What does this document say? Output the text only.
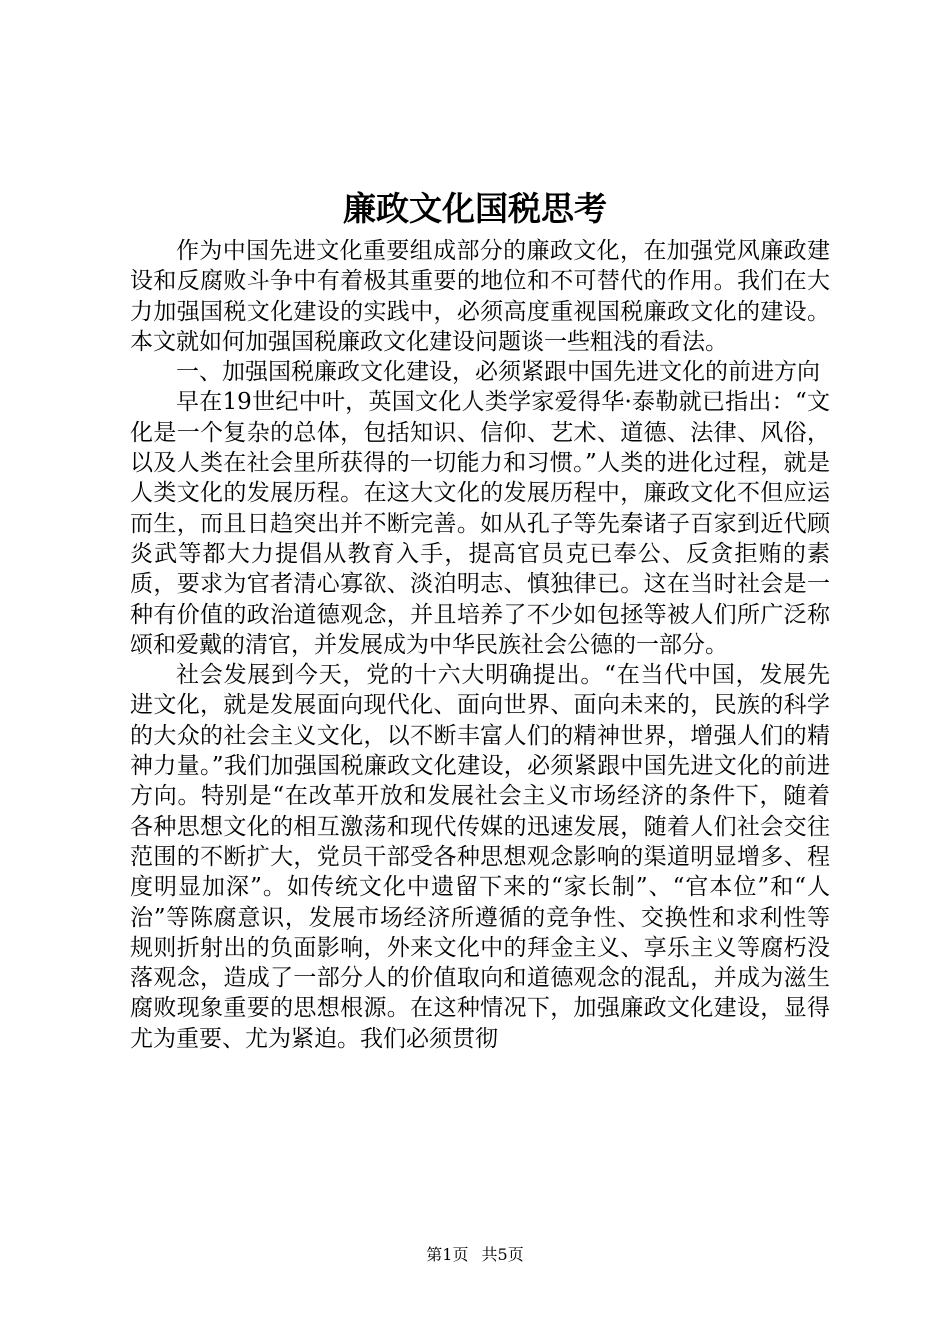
廉政文化国税思考

作为中国先进文化重要组成部分的廉政文化，在加强党风廉政建设和反腐败斗争中有着极其重要的地位和不可替代的作用。我们在大力加强国税文化建设的实践中，必须高度重视国税廉政文化的建设。本文就如何加强国税廉政文化建设问题谈一些粗浅的看法。

一、加强国税廉政文化建设，必须紧跟中国先进文化的前进方向

早在19世纪中叶，英国文化人类学家爱得华·泰勒就已指出：“文化是一个复杂的总体，包括知识、信仰、艺术、道德、法律、风俗，以及人类在社会里所获得的一切能力和习惯。”人类的进化过程，就是人类文化的发展历程。在这大文化的发展历程中，廉政文化不但应运而生，而且日趋突出并不断完善。如从孔子等先秦诸子百家到近代顾炎武等都大力提倡从教育入手，提高官员克已奉公、反贪拒贿的素质，要求为官者清心寡欲、淡泊明志、慎独律已。这在当时社会是一种有价值的政治道德观念，并且培养了不少如包拯等被人们所广泛称颂和爱戴的清官，并发展成为中华民族社会公德的一部分。

社会发展到今天，党的十六大明确提出。“在当代中国，发展先进文化，就是发展面向现代化、面向世界、面向未来的，民族的科学的大众的社会主义文化，以不断丰富人们的精神世界，增强人们的精神力量。”我们加强国税廉政文化建设，必须紧跟中国先进文化的前进方向。特别是“在改革开放和发展社会主义市场经济的条件下，随着各种思想文化的相互激荡和现代传媒的迅速发展，随着人们社会交往范围的不断扩大，党员干部受各种思想观念影响的渠道明显增多、程度明显加深”。如传统文化中遗留下来的“家长制”、“官本位”和“人治”等陈腐意识，发展市场经济所遵循的竞争性、交换性和求利性等规则折射出的负面影响，外来文化中的拜金主义、享乐主义等腐朽没落观念，造成了一部分人的价值取向和道德观念的混乱，并成为滋生腐败现象重要的思想根源。在这种情况下，加强廉政文化建设，显得尤为重要、尤为紧迫。我们必须贯彻

第1页 共5页
